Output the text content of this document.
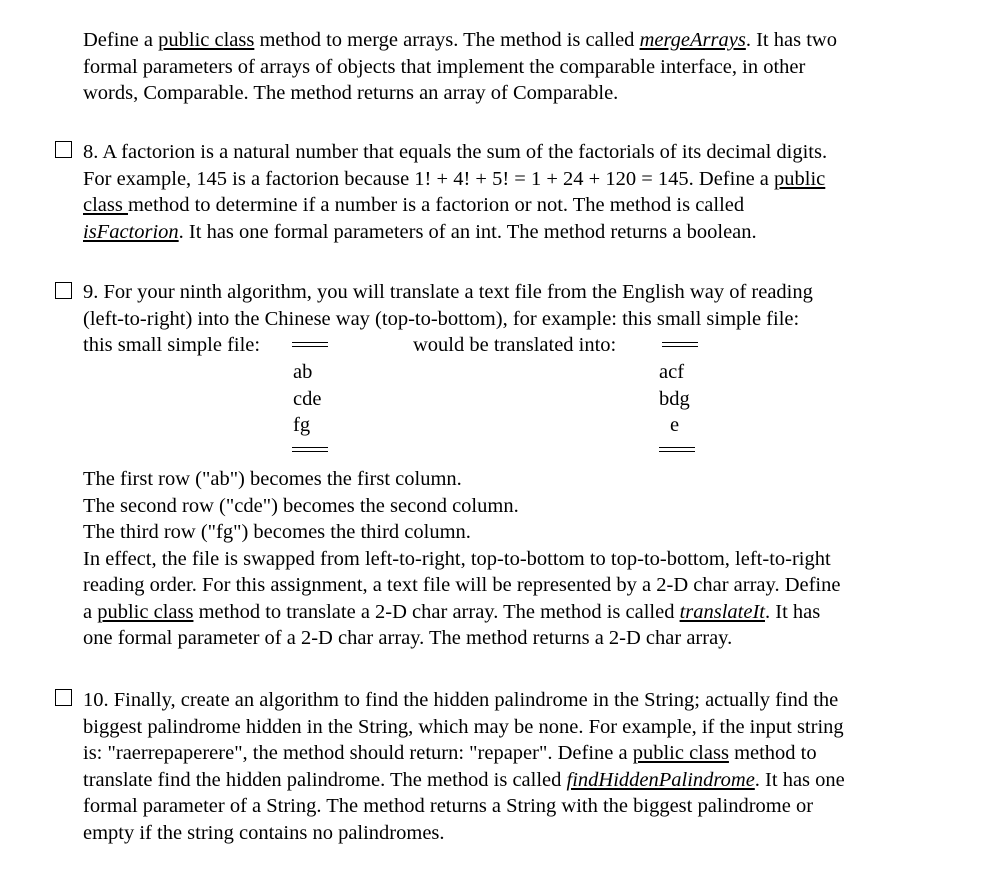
Define a public class method to merge arrays. The method is called mergeArrays. It has two
formal parameters of arrays of objects that implement the comparable interface, in other
words, Comparable. The method returns an array of Comparable.
8. A factorion is a natural number that equals the sum of the factorials of its decimal digits.
For example, 145 is a factorion because 1! + 4! + 5! = 1 + 24 + 120 = 145. Define a public
class method to determine if a number is a factorion or not. The method is called
isFactorion. It has one formal parameters of an int. The method returns a boolean.
9. For your ninth algorithm, you will translate a text file from the English way of reading
(left-to-right) into the Chinese way (top-to-bottom), for example: this small simple file:
this small simple file:
ab
cde
fg
would be translated into:
acf
bdg
e
The first row ("ab") becomes the first column.
The second row ("cde") becomes the second column.
The third row ("fg") becomes the third column.
In effect, the file is swapped from left-to-right, top-to-bottom to top-to-bottom, left-to-right
reading order. For this assignment, a text file will be represented by a 2-D char array. Define
a public class method to translate a 2-D char array. The method is called translateIt. It has
one formal parameter of a 2-D char array. The method returns a 2-D char array.
10. Finally, create an algorithm to find the hidden palindrome in the String; actually find the
biggest palindrome hidden in the String, which may be none. For example, if the input string
is: "raerrepaperere", the method should return: "repaper". Define a public class method to
translate find the hidden palindrome. The method is called findHiddenPalindrome. It has one
formal parameter of a String. The method returns a String with the biggest palindrome or
empty if the string contains no palindromes.
